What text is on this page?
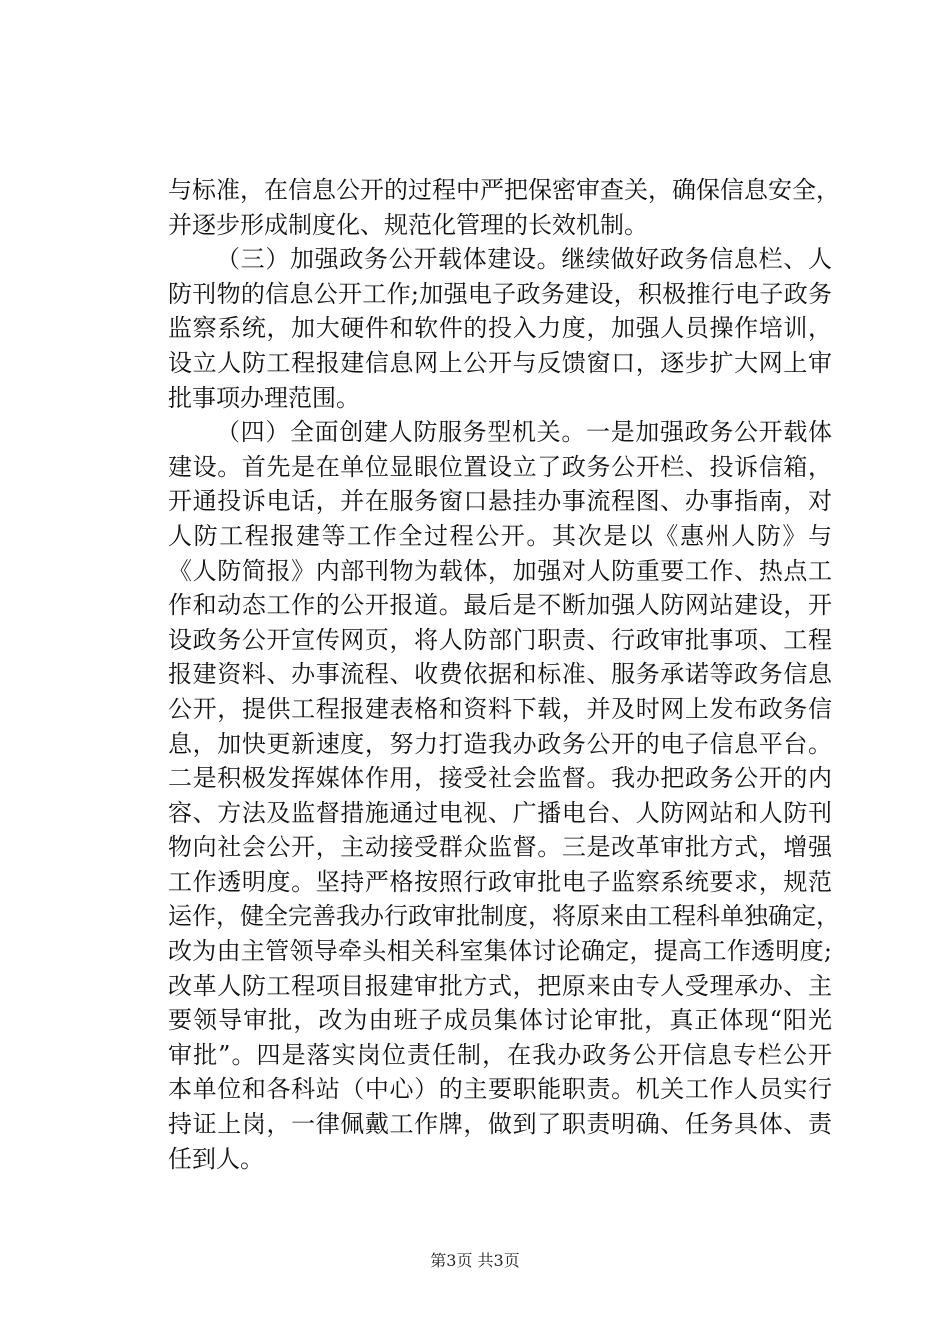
与标准，在信息公开的过程中严把保密审查关，确保信息安全，
并逐步形成制度化、规范化管理的长效机制。
（三）加强政务公开载体建设。继续做好政务信息栏、人
防刊物的信息公开工作;加强电子政务建设，积极推行电子政务
监察系统，加大硬件和软件的投入力度，加强人员操作培训，
设立人防工程报建信息网上公开与反馈窗口，逐步扩大网上审
批事项办理范围。
（四）全面创建人防服务型机关。一是加强政务公开载体
建设。首先是在单位显眼位置设立了政务公开栏、投诉信箱，
开通投诉电话，并在服务窗口悬挂办事流程图、办事指南，对
人防工程报建等工作全过程公开。其次是以《惠州人防》与
《人防简报》内部刊物为载体，加强对人防重要工作、热点工
作和动态工作的公开报道。最后是不断加强人防网站建设，开
设政务公开宣传网页，将人防部门职责、行政审批事项、工程
报建资料、办事流程、收费依据和标准、服务承诺等政务信息
公开，提供工程报建表格和资料下载，并及时网上发布政务信
息，加快更新速度，努力打造我办政务公开的电子信息平台。
二是积极发挥媒体作用，接受社会监督。我办把政务公开的内
容、方法及监督措施通过电视、广播电台、人防网站和人防刊
物向社会公开，主动接受群众监督。三是改革审批方式，增强
工作透明度。坚持严格按照行政审批电子监察系统要求，规范
运作，健全完善我办行政审批制度，将原来由工程科单独确定，
改为由主管领导牵头相关科室集体讨论确定，提高工作透明度;
改革人防工程项目报建审批方式，把原来由专人受理承办、主
要领导审批，改为由班子成员集体讨论审批，真正体现“阳光
审批”。四是落实岗位责任制，在我办政务公开信息专栏公开
本单位和各科站（中心）的主要职能职责。机关工作人员实行
持证上岗，一律佩戴工作牌，做到了职责明确、任务具体、责
任到人。
第3页 共3页
